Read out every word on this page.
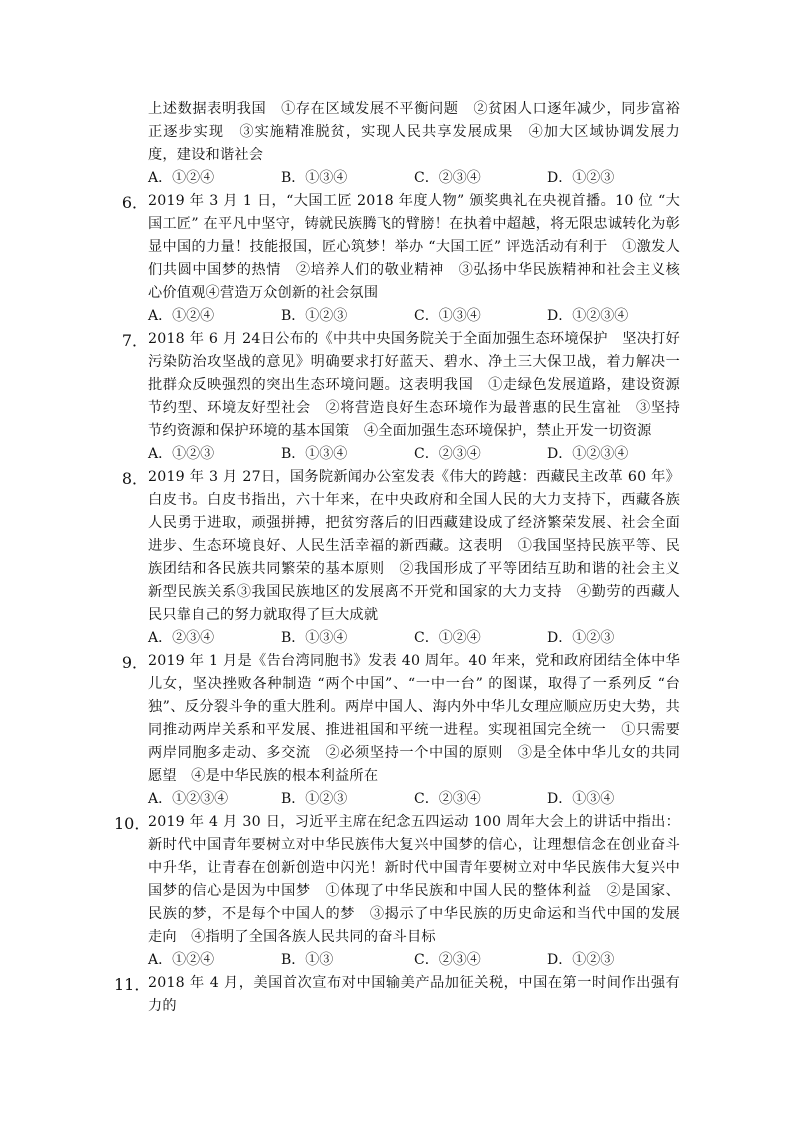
上述数据表明我国　①存在区域发展不平衡问题　②贫困人口逐年减少，同步富裕正逐步实现　③实施精准脱贫，实现人民共享发展成果　④加大区域协调发展力度，建设和谐社会
A．①②④	B．①③④	C．②③④	D．①②③
6． 2019 年 3 月 1 日，“大国工匠 2018 年度人物” 颁奖典礼在央视首播。10 位 “大国工匠” 在平凡中坚守，铸就民族腾飞的臂膀！在执着中超越，将无限忠诚转化为彰显中国的力量！技能报国，匠心筑梦！举办 “大国工匠” 评选活动有利于　①激发人们共圆中国梦的热情　②培养人们的敬业精神　③弘扬中华民族精神和社会主义核心价值观④营造万众创新的社会氛围
A．①②④	B．①②③	C．①③④	D．①②③④
7． 2018 年 6 月 24日公布的《中共中央国务院关于全面加强生态环境保护　坚决打好污染防治攻坚战的意见》明确要求打好蓝天、碧水、净土三大保卫战，着力解决一批群众反映强烈的突出生态环境问题。这表明我国　①走绿色发展道路，建设资源节约型、环境友好型社会　②将营造良好生态环境作为最普惠的民生富祉　③坚持节约资源和保护环境的基本国策　④全面加强生态环境保护，禁止开发一切资源
A．①②③	B．①③④	C．②③④	D．①②③④
8． 2019 年 3 月 27日，国务院新闻办公室发表《伟大的跨越：西藏民主改革 60 年》白皮书。白皮书指出，六十年来，在中央政府和全国人民的大力支持下，西藏各族人民勇于进取，顽强拼搏，把贫穷落后的旧西藏建设成了经济繁荣发展、社会全面进步、生态环境良好、人民生活幸福的新西藏。这表明　①我国坚持民族平等、民族团结和各民族共同繁荣的基本原则　②我国形成了平等团结互助和谐的社会主义新型民族关系③我国民族地区的发展离不开党和国家的大力支持　④勤劳的西藏人民只靠自己的努力就取得了巨大成就
A．②③④	B．①③④	C．①②④	D．①②③
9． 2019 年 1 月是《告台湾同胞书》发表 40 周年。40 年来，党和政府团结全体中华儿女，坚决挫败各种制造 “两个中国”、“一中一台” 的图谋，取得了一系列反 “台独”、反分裂斗争的重大胜利。两岸中国人、海内外中华儿女理应顺应历史大势，共同推动两岸关系和平发展、推进祖国和平统一进程。实现祖国完全统一　①只需要两岸同胞多走动、多交流　②必须坚持一个中国的原则　③是全体中华儿女的共同愿望　④是中华民族的根本利益所在
A．①②③④	B．①②③	C．②③④	D．①③④
10．
2019 年 4 月 30 日，习近平主席在纪念五四运动 100 周年大会上的讲话中指出：新时代中国青年要树立对中华民族伟大复兴中国梦的信心，让理想信念在创业奋斗中升华，让青春在创新创造中闪光！新时代中国青年要树立对中华民族伟大复兴中国梦的信心是因为中国梦　①体现了中华民族和中国人民的整体利益　②是国家、民族的梦，不是每个中国人的梦　③揭示了中华民族的历史命运和当代中国的发展走向　④指明了全国各族人民共同的奋斗目标
A．①②④	B．①③	C．②③④	D．①②③
11．
2018 年 4 月，美国首次宣布对中国输美产品加征关税，中国在第一时间作出强有力的
